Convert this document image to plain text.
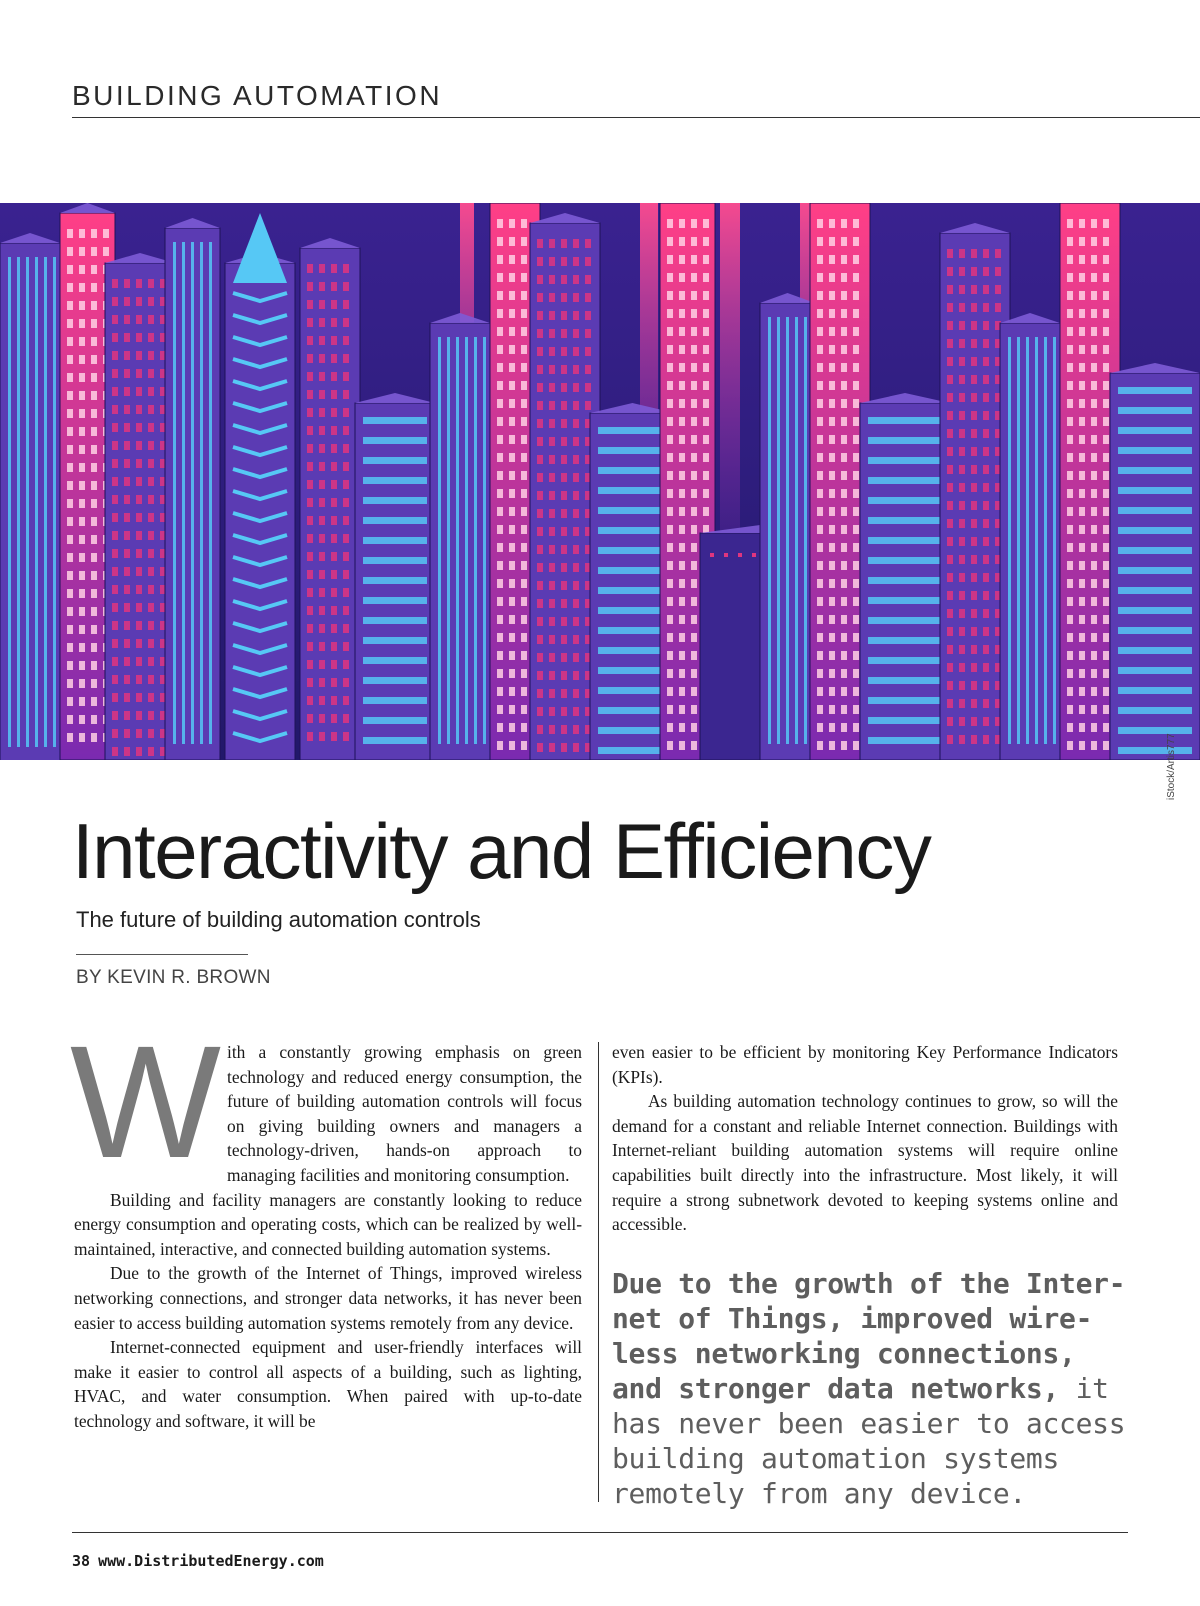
BUILDING AUTOMATION
iStock/Artis777
Interactivity and Efficiency
The future of building automation controls
BY KEVIN R. BROWN
W ith a constantly growing emphasis on green technology and reduced energy consumption, the future of building automation controls will focus on giving building owners and managers a technology-driven, hands-on approach to managing facilities and monitoring consumption.

Building and facility managers are constantly looking to reduce energy consumption and operating costs, which can be realized by well-maintained, interactive, and connected building automation systems.

Due to the growth of the Internet of Things, improved wireless networking connections, and stronger data networks, it has never been easier to access building automation systems remotely from any device.

Internet-connected equipment and user-friendly interfaces will make it easier to control all aspects of a building, such as lighting, HVAC, and water consumption. When paired with up-to-date technology and software, it will be

even easier to be efficient by monitoring Key Performance Indicators (KPIs).

As building automation technology continues to grow, so will the demand for a constant and reliable Internet connection. Buildings with Internet-reliant building automation systems will require online capabilities built directly into the infrastructure. Most likely, it will require a strong subnetwork devoted to keeping systems online and accessible.

Due to the growth of the Internet of Things, improved wireless networking connections, and stronger data networks, it has never been easier to access building automation systems remotely from any device.
38 www.DistributedEnergy.com
